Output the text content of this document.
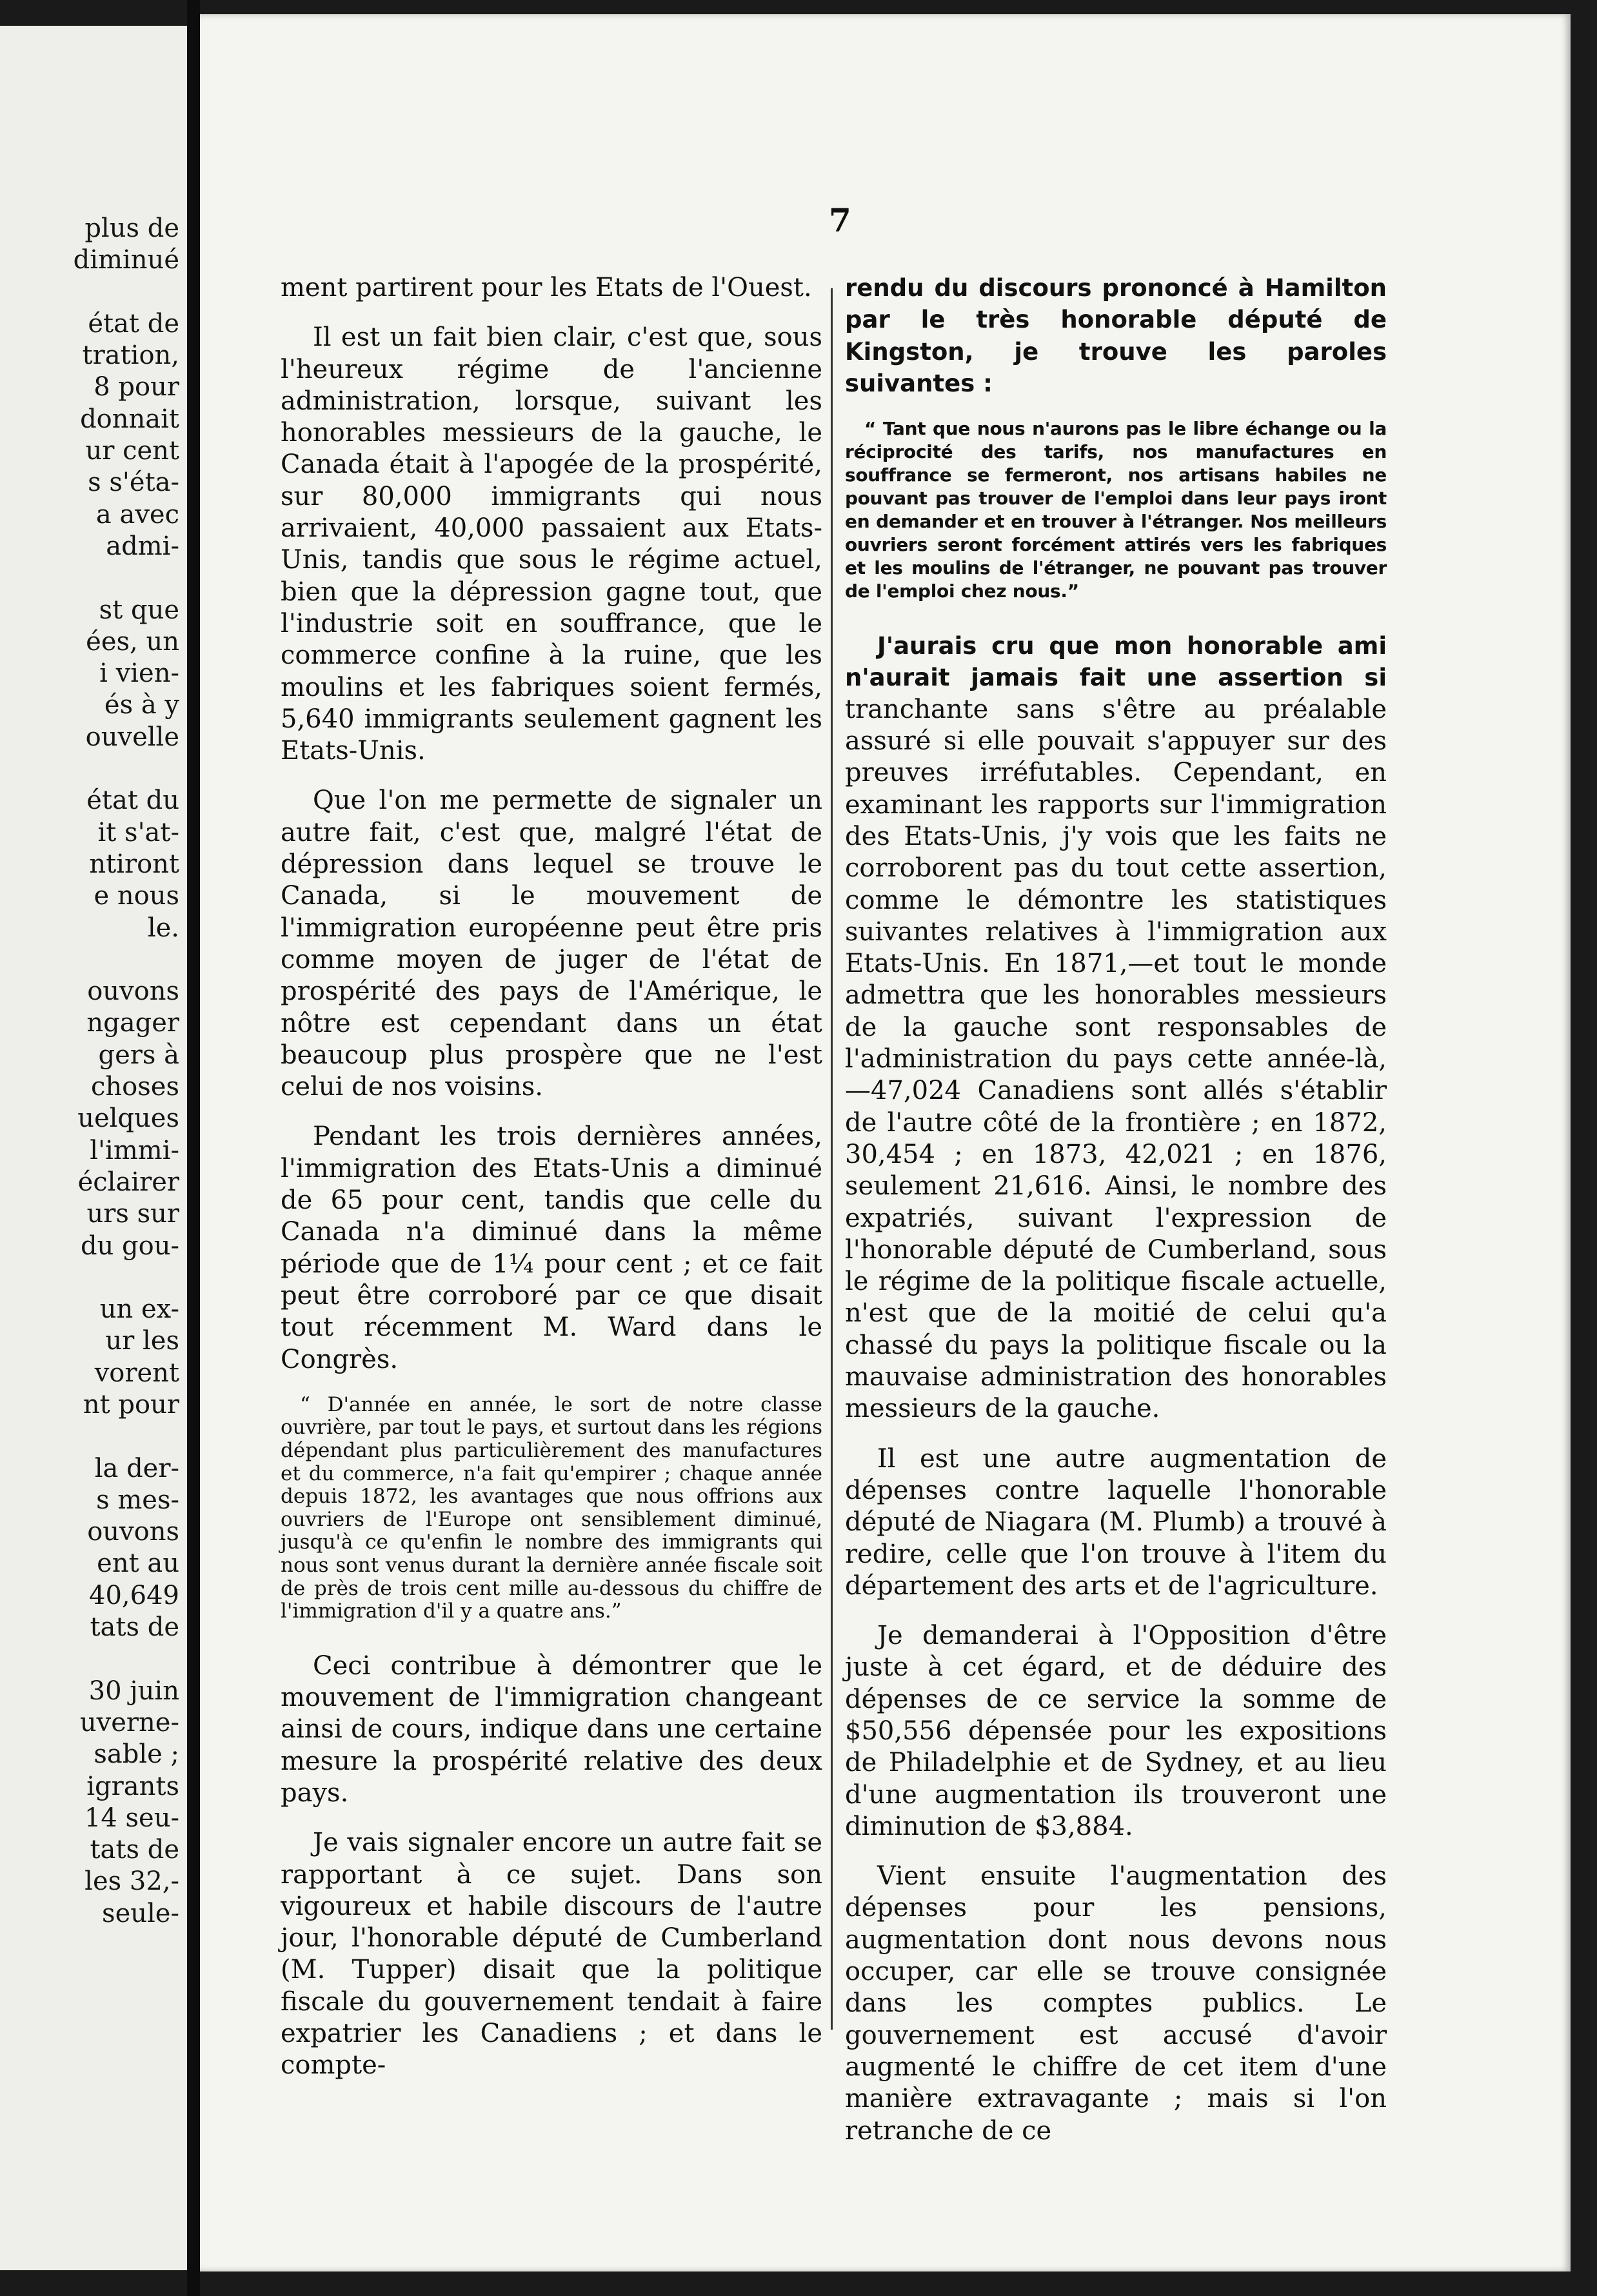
plus de
diminué

état de
tration,
8 pour
donnait
ur cent
s s'éta-
a avec
admi-

st que
ées, un
i vien-
és à y
ouvelle

état du
it s'at-
ntiront
e nous
le.

ouvons
ngager
gers à
choses
uelques
l'immi-
éclairer
urs sur
du gou-

un ex-
ur les
vorent
nt pour

la der-
s mes-
ouvons
ent au
40,649
tats de

30 juin
uverne-
sable ;
igrants
14 seu-
tats de
les 32,-
seule-
7

ment partirent pour les Etats de l'Ouest.

Il est un fait bien clair, c'est que, sous l'heureux régime de l'ancienne administration, lorsque, suivant les honorables messieurs de la gauche, le Canada était à l'apogée de la prospérité, sur 80,000 immigrants qui nous arrivaient, 40,000 passaient aux Etats-Unis, tandis que sous le régime actuel, bien que la dépression gagne tout, que l'industrie soit en souffrance, que le commerce confine à la ruine, que les moulins et les fabriques soient fermés, 5,640 immigrants seulement gagnent les Etats-Unis.

Que l'on me permette de signaler un autre fait, c'est que, malgré l'état de dépression dans lequel se trouve le Canada, si le mouvement de l'immigration européenne peut être pris comme moyen de juger de l'état de prospérité des pays de l'Amérique, le nôtre est cependant dans un état beaucoup plus prospère que ne l'est celui de nos voisins.

Pendant les trois dernières années, l'immigration des Etats-Unis a diminué de 65 pour cent, tandis que celle du Canada n'a diminué dans la même période que de 1¼ pour cent ; et ce fait peut être corroboré par ce que disait tout récemment M. Ward dans le Congrès.

“ D'année en année, le sort de notre classe ouvrière, par tout le pays, et surtout dans les régions dépendant plus particulièrement des manufactures et du commerce, n'a fait qu'empirer ; chaque année depuis 1872, les avantages que nous offrions aux ouvriers de l'Europe ont sensiblement diminué, jusqu'à ce qu'enfin le nombre des immigrants qui nous sont venus durant la dernière année fiscale soit de près de trois cent mille au-dessous du chiffre de l'immigration d'il y a quatre ans.”

Ceci contribue à démontrer que le mouvement de l'immigration changeant ainsi de cours, indique dans une certaine mesure la prospérité relative des deux pays.

Je vais signaler encore un autre fait se rapportant à ce sujet. Dans son vigoureux et habile discours de l'autre jour, l'honorable député de Cumberland (M. Tupper) disait que la politique fiscale du gouvernement tendait à faire expatrier les Canadiens ; et dans le compte-

rendu du discours prononcé à Hamilton par le très honorable député de Kingston, je trouve les paroles suivantes :

“ Tant que nous n'aurons pas le libre échange ou la réciprocité des tarifs, nos manufactures en souffrance se fermeront, nos artisans habiles ne pouvant pas trouver de l'emploi dans leur pays iront en demander et en trouver à l'étranger. Nos meilleurs ouvriers seront forcément attirés vers les fabriques et les moulins de l'étranger, ne pouvant pas trouver de l'emploi chez nous.”

J'aurais cru que mon honorable ami n'aurait jamais fait une assertion si tranchante sans s'être au préalable assuré si elle pouvait s'appuyer sur des preuves irréfutables. Cependant, en examinant les rapports sur l'immigration des Etats-Unis, j'y vois que les faits ne corroborent pas du tout cette assertion, comme le démontre les statistiques suivantes relatives à l'immigration aux Etats-Unis. En 1871,—et tout le monde admettra que les honorables messieurs de la gauche sont responsables de l'administration du pays cette année-là,—47,024 Canadiens sont allés s'établir de l'autre côté de la frontière ; en 1872, 30,454 ; en 1873, 42,021 ; en 1876, seulement 21,616. Ainsi, le nombre des expatriés, suivant l'expression de l'honorable député de Cumberland, sous le régime de la politique fiscale actuelle, n'est que de la moitié de celui qu'a chassé du pays la politique fiscale ou la mauvaise administration des honorables messieurs de la gauche.

Il est une autre augmentation de dépenses contre laquelle l'honorable député de Niagara (M. Plumb) a trouvé à redire, celle que l'on trouve à l'item du département des arts et de l'agriculture.

Je demanderai à l'Opposition d'être juste à cet égard, et de déduire des dépenses de ce service la somme de $50,556 dépensée pour les expositions de Philadelphie et de Sydney, et au lieu d'une augmentation ils trouveront une diminution de $3,884.

Vient ensuite l'augmentation des dépenses pour les pensions, augmentation dont nous devons nous occuper, car elle se trouve consignée dans les comptes publics. Le gouvernement est accusé d'avoir augmenté le chiffre de cet item d'une manière extravagante ; mais si l'on retranche de ce
